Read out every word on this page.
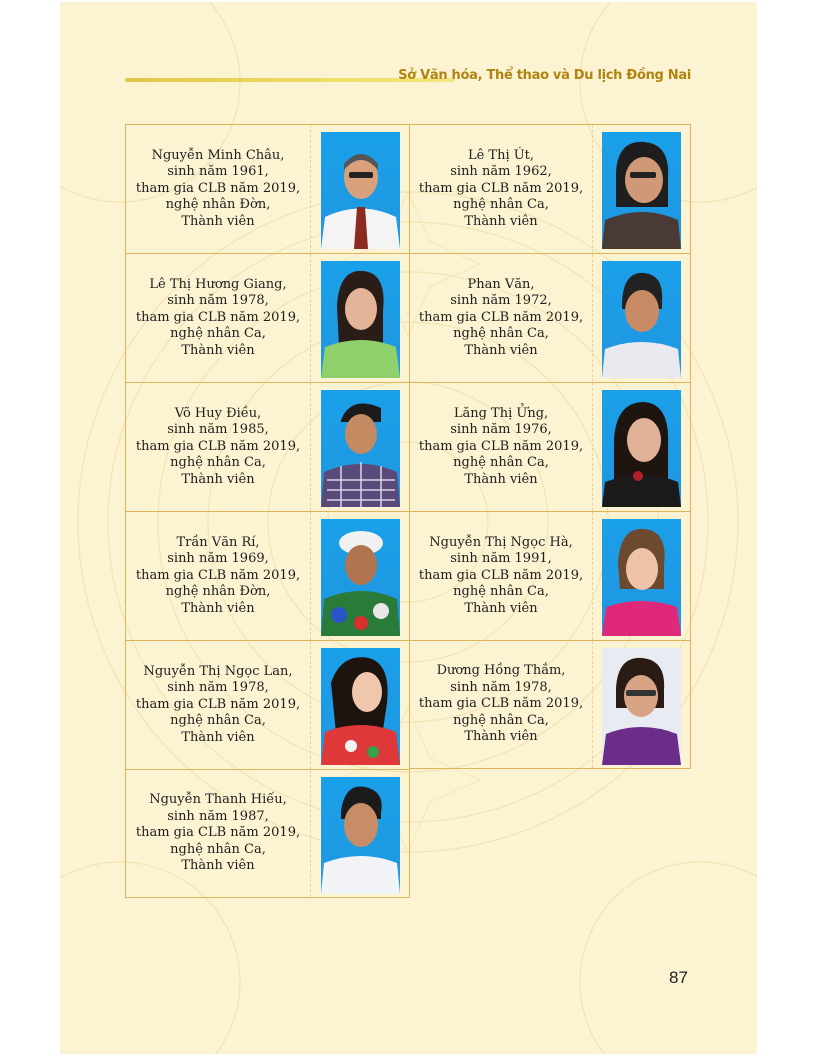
Sở Văn hóa, Thể thao và Du lịch Đồng Nai
Nguyễn Minh Châu,
sinh năm 1961,
tham gia CLB năm 2019,
nghệ nhân Đờn,
Thành viên
Lê Thị Út,
sinh năm 1962,
tham gia CLB năm 2019,
nghệ nhân Ca,
Thành viên
Lê Thị Hương Giang,
sinh năm 1978,
tham gia CLB năm 2019,
nghệ nhân Ca,
Thành viên
Phan Văn,
sinh năm 1972,
tham gia CLB năm 2019,
nghệ nhân Ca,
Thành viên
Võ Huy Điều,
sinh năm 1985,
tham gia CLB năm 2019,
nghệ nhân Ca,
Thành viên
Lăng Thị Ửng,
sinh năm 1976,
tham gia CLB năm 2019,
nghệ nhân Ca,
Thành viên
Trần Văn Rí,
sinh năm 1969,
tham gia CLB năm 2019,
nghệ nhân Đờn,
Thành viên
Nguyễn Thị Ngọc Hà,
sinh năm 1991,
tham gia CLB năm 2019,
nghệ nhân Ca,
Thành viên
Nguyễn Thị Ngọc Lan,
sinh năm 1978,
tham gia CLB năm 2019,
nghệ nhân Ca,
Thành viên
Dương Hồng Thắm,
sinh năm 1978,
tham gia CLB năm 2019,
nghệ nhân Ca,
Thành viên
Nguyễn Thanh Hiếu,
sinh năm 1987,
tham gia CLB năm 2019,
nghệ nhân Ca,
Thành viên
87
